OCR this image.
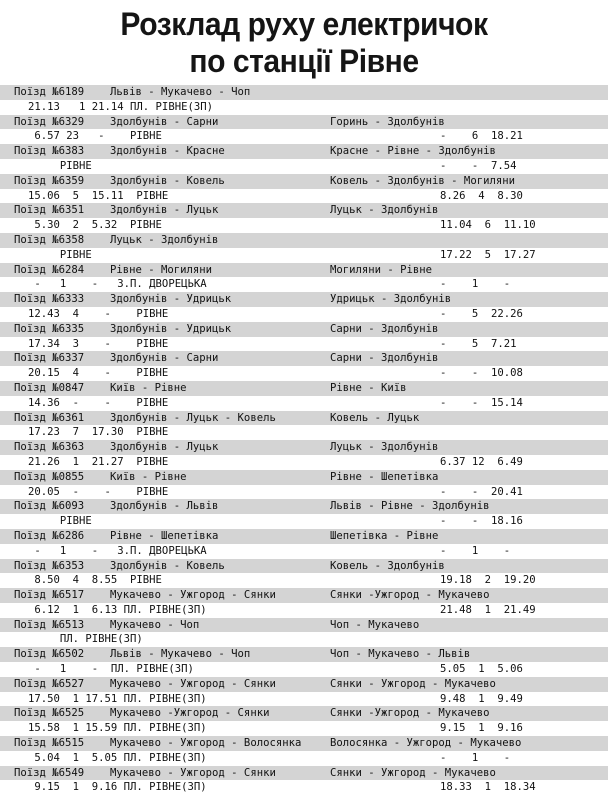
Розклад руху електричок
по станції Рівне
Поїзд №6189 Львів - Мукачево - Чоп
21.13   1 21.14 ПЛ. РІВНЕ(ЗП)
Поїзд №6329 Здолбунів - Сарни	Горинь - Здолбунів
6.57 23   -    РІВНЕ	-    6  18.21
Поїзд №6383 Здолбунів - Красне	Красне - Рівне - Здолбунів
РІВНЕ	-    -  7.54
Поїзд №6359 Здолбунів - Ковель	Ковель - Здолбунів - Могиляни
15.06  5  15.11  РІВНЕ	8.26  4  8.30
Поїзд №6351 Здолбунів - Луцьк	Луцьк - Здолбунів
5.30  2  5.32  РІВНЕ	11.04  6  11.10
Поїзд №6358 Луцьк - Здолбунів
РІВНЕ	17.22  5  17.27
Поїзд №6284 Рівне - Могиляни	Могиляни - Рівне
-   1    -   З.П. ДВОРЕЦЬКА	-    1    -
Поїзд №6333 Здолбунів - Удрицьк	Удрицьк - Здолбунів
12.43  4    -    РІВНЕ	-    5  22.26
Поїзд №6335 Здолбунів - Удрицьк	Сарни - Здолбунів
17.34  3    -    РІВНЕ	-    5  7.21
Поїзд №6337 Здолбунів - Сарни	Сарни - Здолбунів
20.15  4    -    РІВНЕ	-    -  10.08
Поїзд №0847 Київ - Рівне	Рівне - Київ
14.36  -    -    РІВНЕ	-    -  15.14
Поїзд №6361 Здолбунів - Луцьк - Ковель	Ковель - Луцьк
17.23  7  17.30  РІВНЕ
Поїзд №6363 Здолбунів - Луцьк	Луцьк - Здолбунів
21.26  1  21.27  РІВНЕ	6.37 12  6.49
Поїзд №0855 Київ - Рівне	Рівне - Шепетівка
20.05  -    -    РІВНЕ	-    -  20.41
Поїзд №6093 Здолбунів - Львів	Львів - Рівне - Здолбунів
РІВНЕ	-    -  18.16
Поїзд №6286 Рівне - Шепетівка	Шепетівка - Рівне
-   1    -   З.П. ДВОРЕЦЬКА	-    1    -
Поїзд №6353 Здолбунів - Ковель	Ковель - Здолбунів
8.50  4  8.55  РІВНЕ	19.18  2  19.20
Поїзд №6517 Мукачево - Ужгород - Сянки	Сянки -Ужгород - Мукачево
6.12  1  6.13 ПЛ. РІВНЕ(ЗП)	21.48  1  21.49
Поїзд №6513 Мукачево - Чоп	Чоп - Мукачево
ПЛ. РІВНЕ(ЗП)
Поїзд №6502 Львів - Мукачево - Чоп	Чоп - Мукачево - Львів
-   1    -  ПЛ. РІВНЕ(ЗП)	5.05  1  5.06
Поїзд №6527 Мукачево - Ужгород - Сянки	Сянки - Ужгород - Мукачево
17.50  1 17.51 ПЛ. РІВНЕ(ЗП)	9.48  1  9.49
Поїзд №6525 Мукачево -Ужгород - Сянки	Сянки -Ужгород - Мукачево
15.58  1 15.59 ПЛ. РІВНЕ(ЗП)	9.15  1  9.16
Поїзд №6515 Мукачево - Ужгород - Волосянка	Волосянка - Ужгород - Мукачево
5.04  1  5.05 ПЛ. РІВНЕ(ЗП)	-    1    -
Поїзд №6549 Мукачево - Ужгород - Сянки	Сянки - Ужгород - Мукачево
9.15  1  9.16 ПЛ. РІВНЕ(ЗП)	18.33  1  18.34
